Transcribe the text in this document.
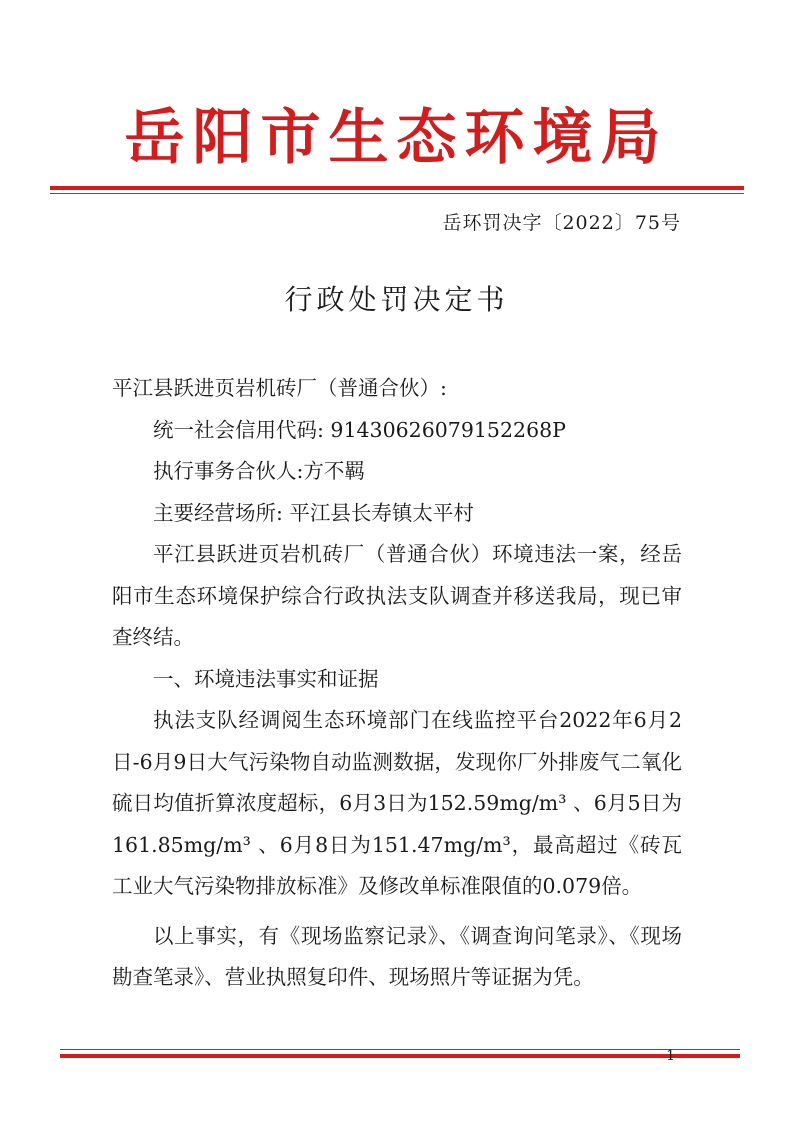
岳阳市生态环境局
岳环罚决字〔2022〕75号
行政处罚决定书

平江县跃进页岩机砖厂（普通合伙）:

统一社会信用代码: 91430626079152268P

执行事务合伙人:方不羁

主要经营场所: 平江县长寿镇太平村

平江县跃进页岩机砖厂（普通合伙）环境违法一案，经岳阳市生态环境保护综合行政执法支队调查并移送我局，现已审查终结。

一、环境违法事实和证据

执法支队经调阅生态环境部门在线监控平台2022年6月2日-6月9日大气污染物自动监测数据，发现你厂外排废气二氧化硫日均值折算浓度超标，6月3日为152.59mg/m³ 、6月5日为161.85mg/m³ 、6月8日为151.47mg/m³，最高超过《砖瓦工业大气污染物排放标准》及修改单标准限值的0.079倍。

以上事实，有《现场监察记录》、《调查询问笔录》、《现场勘查笔录》、营业执照复印件、现场照片等证据为凭。

1
